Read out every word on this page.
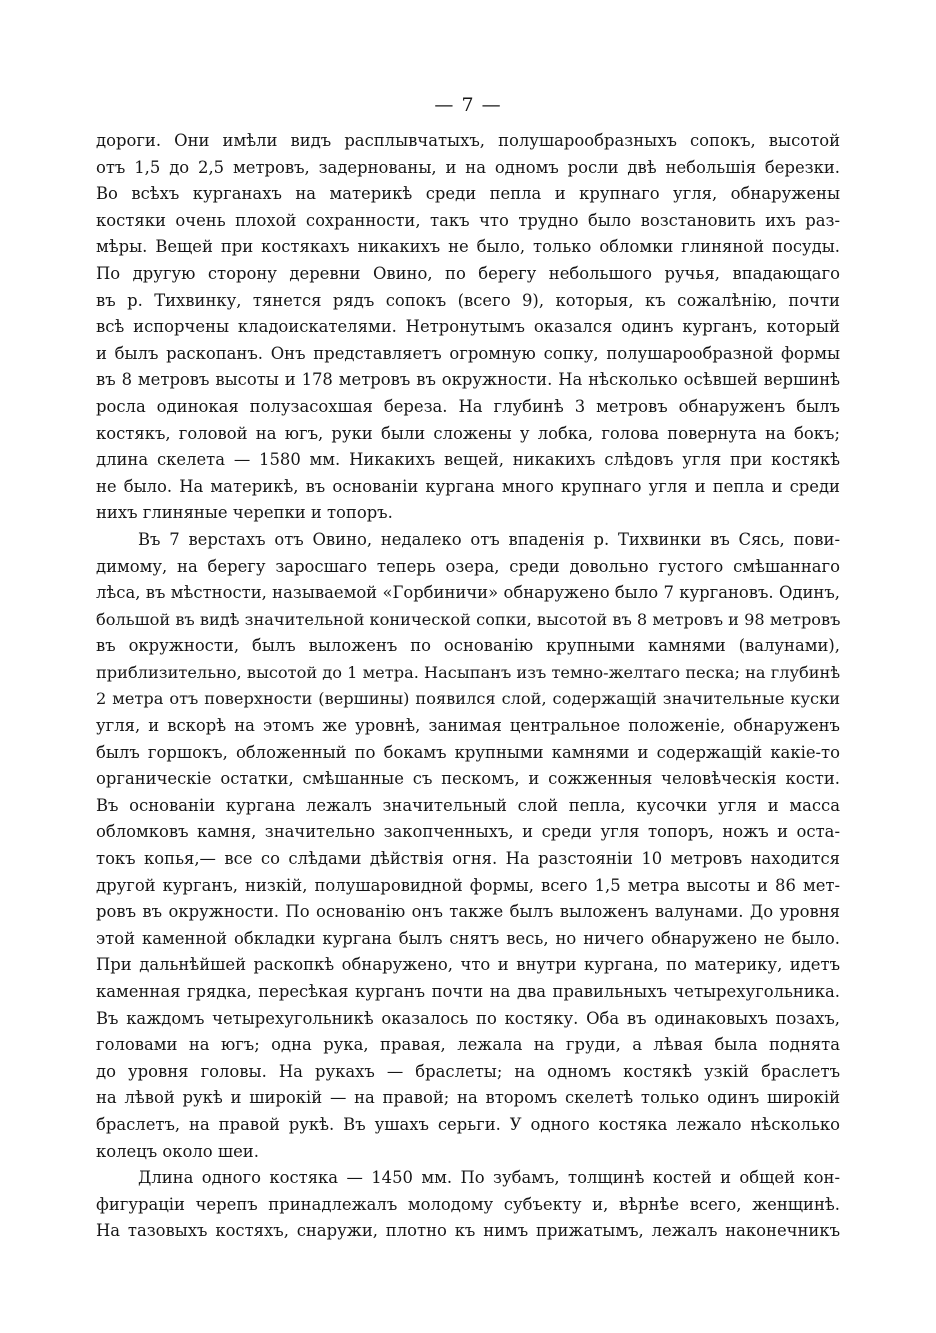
— 7 —
дороги. Они имѣли видъ расплывчатыхъ, полушарообразныхъ сопокъ, высотой
отъ 1,5 до 2,5 метровъ, задернованы, и на одномъ росли двѣ небольшія березки.
Во всѣхъ курганахъ на материкѣ среди пепла и крупнаго угля, обнаружены
костяки очень плохой сохранности, такъ что трудно было возстановить ихъ раз-
мѣры. Вещей при костякахъ никакихъ не было, только обломки глиняной посуды.
По другую сторону деревни Овино, по берегу небольшого ручья, впадающаго
въ р. Тихвинку, тянется рядъ сопокъ (всего 9), которыя, къ сожалѣнію, почти
всѣ испорчены кладоискателями. Нетронутымъ оказался одинъ курганъ, который
и былъ раскопанъ. Онъ представляетъ огромную сопку, полушарообразной формы
въ 8 метровъ высоты и 178 метровъ въ окружности. На нѣсколько осѣвшей вершинѣ
росла одинокая полузасохшая береза. На глубинѣ 3 метровъ обнаруженъ былъ
костякъ, головой на югъ, руки были сложены у лобка, голова повернута на бокъ;
длина скелета — 1580 мм. Никакихъ вещей, никакихъ слѣдовъ угля при костякѣ
не было. На материкѣ, въ основаніи кургана много крупнаго угля и пепла и среди
нихъ глиняные черепки и топоръ.
Въ 7 верстахъ отъ Овино, недалеко отъ впаденія р. Тихвинки въ Сясь, пови-
димому, на берегу заросшаго теперь озера, среди довольно густого смѣшаннаго
лѣса, въ мѣстности, называемой «Горбиничи» обнаружено было 7 кургановъ. Одинъ,
большой въ видѣ значительной конической сопки, высотой въ 8 метровъ и 98 метровъ
въ окружности, былъ выложенъ по основанію крупными камнями (валунами),
приблизительно, высотой до 1 метра. Насыпанъ изъ темно-желтаго песка; на глубинѣ
2 метра отъ поверхности (вершины) появился слой, содержащій значительные куски
угля, и вскорѣ на этомъ же уровнѣ, занимая центральное положеніе, обнаруженъ
былъ горшокъ, обложенный по бокамъ крупными камнями и содержащій какіе-то
органическіе остатки, смѣшанные съ пескомъ, и сожженныя человѣческія кости.
Въ основаніи кургана лежалъ значительный слой пепла, кусочки угля и масса
обломковъ камня, значительно закопченныхъ, и среди угля топоръ, ножъ и оста-
токъ копья,— все со слѣдами дѣйствія огня. На разстояніи 10 метровъ находится
другой курганъ, низкій, полушаровидной формы, всего 1,5 метра высоты и 86 мет-
ровъ въ окружности. По основанію онъ также былъ выложенъ валунами. До уровня
этой каменной обкладки кургана былъ снятъ весь, но ничего обнаружено не было.
При дальнѣйшей раскопкѣ обнаружено, что и внутри кургана, по материку, идетъ
каменная грядка, пересѣкая курганъ почти на два правильныхъ четырехугольника.
Въ каждомъ четырехугольникѣ оказалось по костяку. Оба въ одинаковыхъ позахъ,
головами на югъ; одна рука, правая, лежала на груди, а лѣвая была поднята
до уровня головы. На рукахъ — браслеты; на одномъ костякѣ узкій браслетъ
на лѣвой рукѣ и широкій — на правой; на второмъ скелетѣ только одинъ широкій
браслетъ, на правой рукѣ. Въ ушахъ серьги. У одного костяка лежало нѣсколько
колецъ около шеи.
Длина одного костяка — 1450 мм. По зубамъ, толщинѣ костей и общей кон-
фигураціи черепъ принадлежалъ молодому субъекту и, вѣрнѣе всего, женщинѣ.
На тазовыхъ костяхъ, снаружи, плотно къ нимъ прижатымъ, лежалъ наконечникъ
